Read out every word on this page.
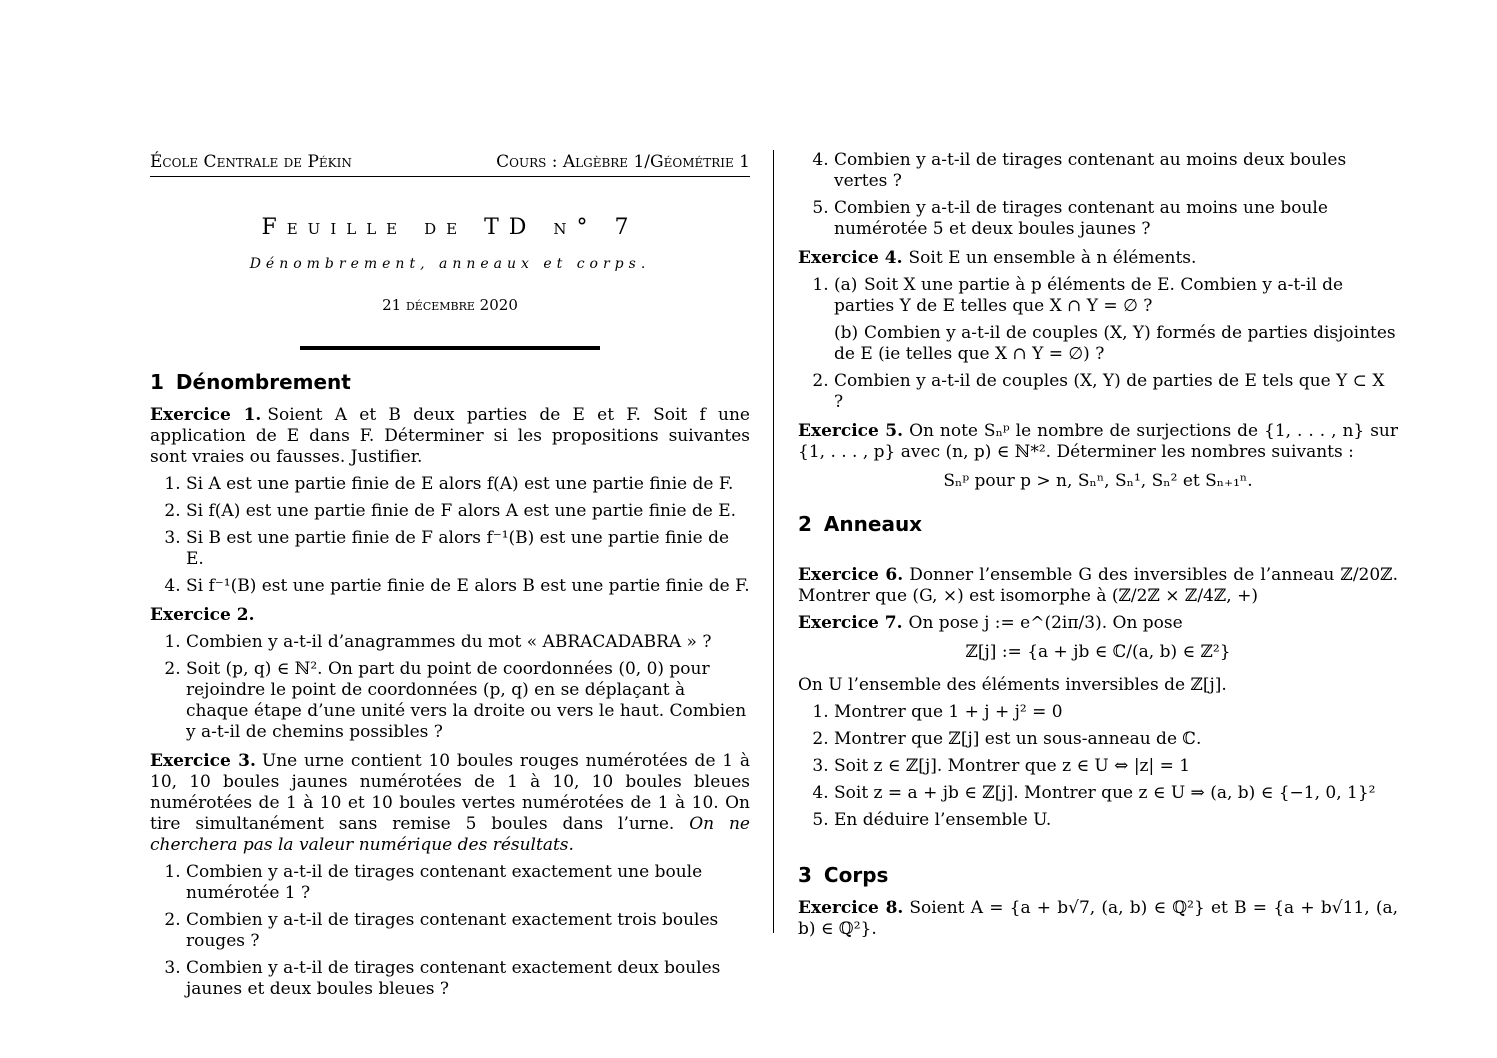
École Centrale de Pékin	Cours : Algèbre 1/Géométrie 1
Feuille de TD n° 7
Dénombrement, anneaux et corps.
21 décembre 2020
1 Dénombrement

Exercice 1. Soient A et B deux parties de E et F. Soit f une application de E dans F. Déterminer si les propositions suivantes sont vraies ou fausses. Justifier.

1. Si A est une partie finie de E alors f(A) est une partie finie de F.
2. Si f(A) est une partie finie de F alors A est une partie finie de E.
3. Si B est une partie finie de F alors f⁻¹(B) est une partie finie de E.
4. Si f⁻¹(B) est une partie finie de E alors B est une partie finie de F.

Exercice 2.

1. Combien y a-t-il d’anagrammes du mot « ABRACADABRA » ?
2. Soit (p, q) ∈ ℕ². On part du point de coordonnées (0, 0) pour rejoindre le point de coordonnées (p, q) en se déplaçant à chaque étape d’une unité vers la droite ou vers le haut. Combien y a-t-il de chemins possibles ?

Exercice 3. Une urne contient 10 boules rouges numérotées de 1 à 10, 10 boules jaunes numérotées de 1 à 10, 10 boules bleues numérotées de 1 à 10 et 10 boules vertes numérotées de 1 à 10. On tire simultanément sans remise 5 boules dans l’urne. On ne cherchera pas la valeur numérique des résultats.

1. Combien y a-t-il de tirages contenant exactement une boule numérotée 1 ?
2. Combien y a-t-il de tirages contenant exactement trois boules rouges ?
3. Combien y a-t-il de tirages contenant exactement deux boules jaunes et deux boules bleues ?
4. Combien y a-t-il de tirages contenant au moins deux boules vertes ?
5. Combien y a-t-il de tirages contenant au moins une boule numérotée 5 et deux boules jaunes ?

Exercice 4. Soit E un ensemble à n éléments.

1. (a) Soit X une partie à p éléments de E. Combien y a-t-il de parties Y de E telles que X ∩ Y = ∅ ?
(b) Combien y a-t-il de couples (X, Y) formés de parties disjointes de E (ie telles que X ∩ Y = ∅) ?
2. Combien y a-t-il de couples (X, Y) de parties de E tels que Y ⊂ X ?

Exercice 5. On note Sₙᵖ le nombre de surjections de {1, . . . , n} sur {1, . . . , p} avec (n, p) ∈ ℕ*². Déterminer les nombres suivants :

Sₙᵖ pour p > n, Sₙⁿ, Sₙ¹, Sₙ² et Sₙ₊₁ⁿ.
2 Anneaux

Exercice 6. Donner l’ensemble G des inversibles de l’anneau ℤ/20ℤ. Montrer que (G, ×) est isomorphe à (ℤ/2ℤ × ℤ/4ℤ, +)

Exercice 7. On pose j := e^(2iπ/3). On pose

ℤ[j] := {a + jb ∈ ℂ/(a, b) ∈ ℤ²}

On U l’ensemble des éléments inversibles de ℤ[j].

1. Montrer que 1 + j + j² = 0
2. Montrer que ℤ[j] est un sous-anneau de ℂ.
3. Soit z ∈ ℤ[j]. Montrer que z ∈ U ⇔ |z| = 1
4. Soit z = a + jb ∈ ℤ[j]. Montrer que z ∈ U ⇒ (a, b) ∈ {−1, 0, 1}²
5. En déduire l’ensemble U.
3 Corps

Exercice 8. Soient A = {a + b√7, (a, b) ∈ ℚ²} et B = {a + b√11, (a, b) ∈ ℚ²}.
